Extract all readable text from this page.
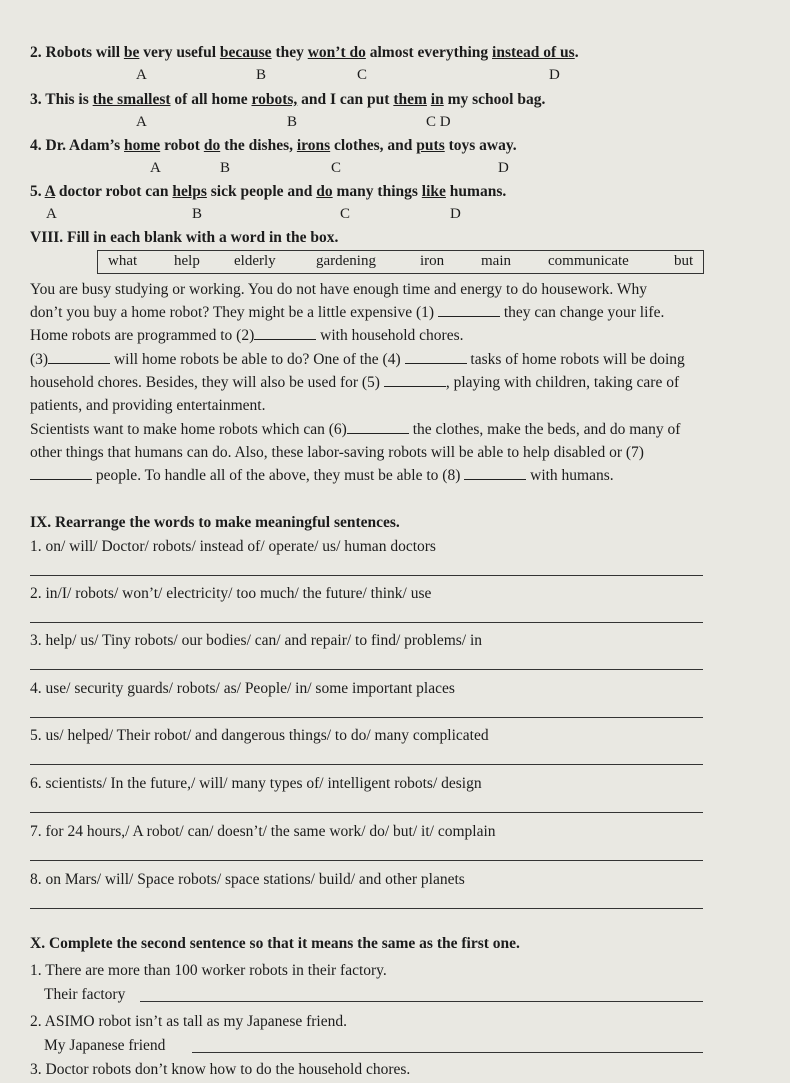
2. Robots will be very useful because they won’t do almost everything instead of us.
A	B	C	D
3. This is the smallest of all home robots, and I can put them in my school bag.
A	B	C D
4. Dr. Adam’s home robot do the dishes, irons clothes, and puts toys away.
A	B	C	D
5. A doctor robot can helps sick people and do many things like humans.
A	B	C	D
VIII. Fill in each blank with a word in the box.
what help elderly	gardening	iron main communicate	but
You are busy studying or working. You do not have enough time and energy to do housework. Why
don’t you buy a home robot? They might be a little expensive (1)	they can change your life.
Home robots are programmed to (2)	with household chores.
(3)	will home robots be able to do? One of the (4)	tasks of home robots will be doing
household chores. Besides, they will also be used for (5)	, playing with children, taking care of
patients, and providing entertainment.
Scientists want to make home robots which can (6)	the clothes, make the beds, and do many of
other things that humans can do. Also, these labor-saving robots will be able to help disabled or (7)
people. To handle all of the above, they must be able to (8)	with humans.
IX. Rearrange the words to make meaningful sentences.
1. on/ will/ Doctor/ robots/ instead of/ operate/ us/ human doctors
2. in/I/ robots/ won’t/ electricity/ too much/ the future/ think/ use
3. help/ us/ Tiny robots/ our bodies/ can/ and repair/ to find/ problems/ in
4. use/ security guards/ robots/ as/ People/ in/ some important places
5. us/ helped/ Their robot/ and dangerous things/ to do/ many complicated
6. scientists/ In the future,/ will/ many types of/ intelligent robots/ design
7. for 24 hours,/ A robot/ can/ doesn’t/ the same work/ do/ but/ it/ complain
8. on Mars/ will/ Space robots/ space stations/ build/ and other planets
X. Complete the second sentence so that it means the same as the first one.
1. There are more than 100 worker robots in their factory.
Their factory
2. ASIMO robot isn’t as tall as my Japanese friend.
My Japanese friend
3. Doctor robots don’t know how to do the household chores.
